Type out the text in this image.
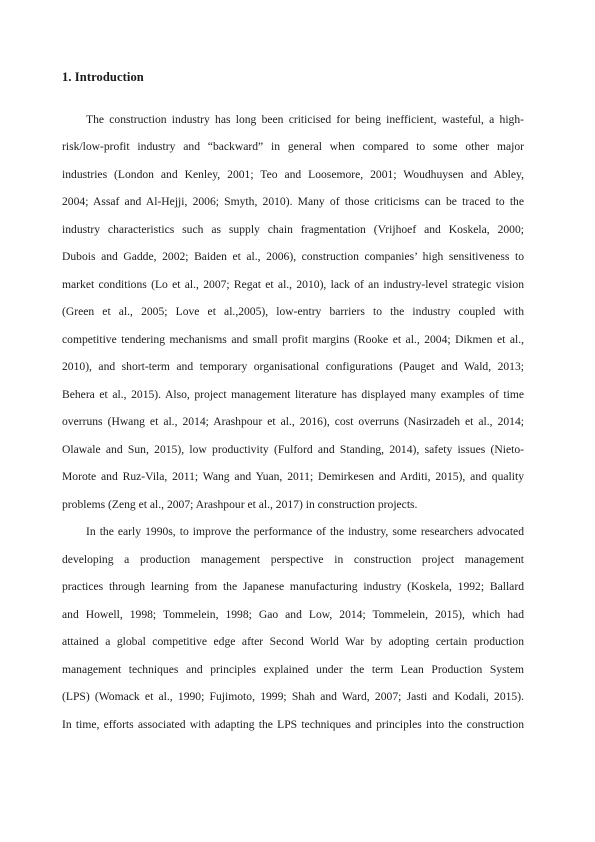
1. Introduction
The construction industry has long been criticised for being inefficient, wasteful, a high-
risk/low-profit industry and “backward” in general when compared to some other major
industries (London and Kenley, 2001; Teo and Loosemore, 2001; Woudhuysen and Abley,
2004; Assaf and Al-Hejji, 2006; Smyth, 2010). Many of those criticisms can be traced to the
industry characteristics such as supply chain fragmentation (Vrijhoef and Koskela, 2000;
Dubois and Gadde, 2002; Baiden et al., 2006), construction companies’ high sensitiveness to
market conditions (Lo et al., 2007; Regat et al., 2010), lack of an industry-level strategic vision
(Green et al., 2005; Love et al.,2005), low-entry barriers to the industry coupled with
competitive tendering mechanisms and small profit margins (Rooke et al., 2004; Dikmen et al.,
2010), and short-term and temporary organisational configurations (Pauget and Wald, 2013;
Behera et al., 2015). Also, project management literature has displayed many examples of time
overruns (Hwang et al., 2014; Arashpour et al., 2016), cost overruns (Nasirzadeh et al., 2014;
Olawale and Sun, 2015), low productivity (Fulford and Standing, 2014), safety issues (Nieto-
Morote and Ruz-Vila, 2011; Wang and Yuan, 2011; Demirkesen and Arditi, 2015), and quality
problems (Zeng et al., 2007; Arashpour et al., 2017) in construction projects.
In the early 1990s, to improve the performance of the industry, some researchers advocated
developing a production management perspective in construction project management
practices through learning from the Japanese manufacturing industry (Koskela, 1992; Ballard
and Howell, 1998; Tommelein, 1998; Gao and Low, 2014; Tommelein, 2015), which had
attained a global competitive edge after Second World War by adopting certain production
management techniques and principles explained under the term Lean Production System
(LPS) (Womack et al., 1990; Fujimoto, 1999; Shah and Ward, 2007; Jasti and Kodali, 2015).
In time, efforts associated with adapting the LPS techniques and principles into the construction
